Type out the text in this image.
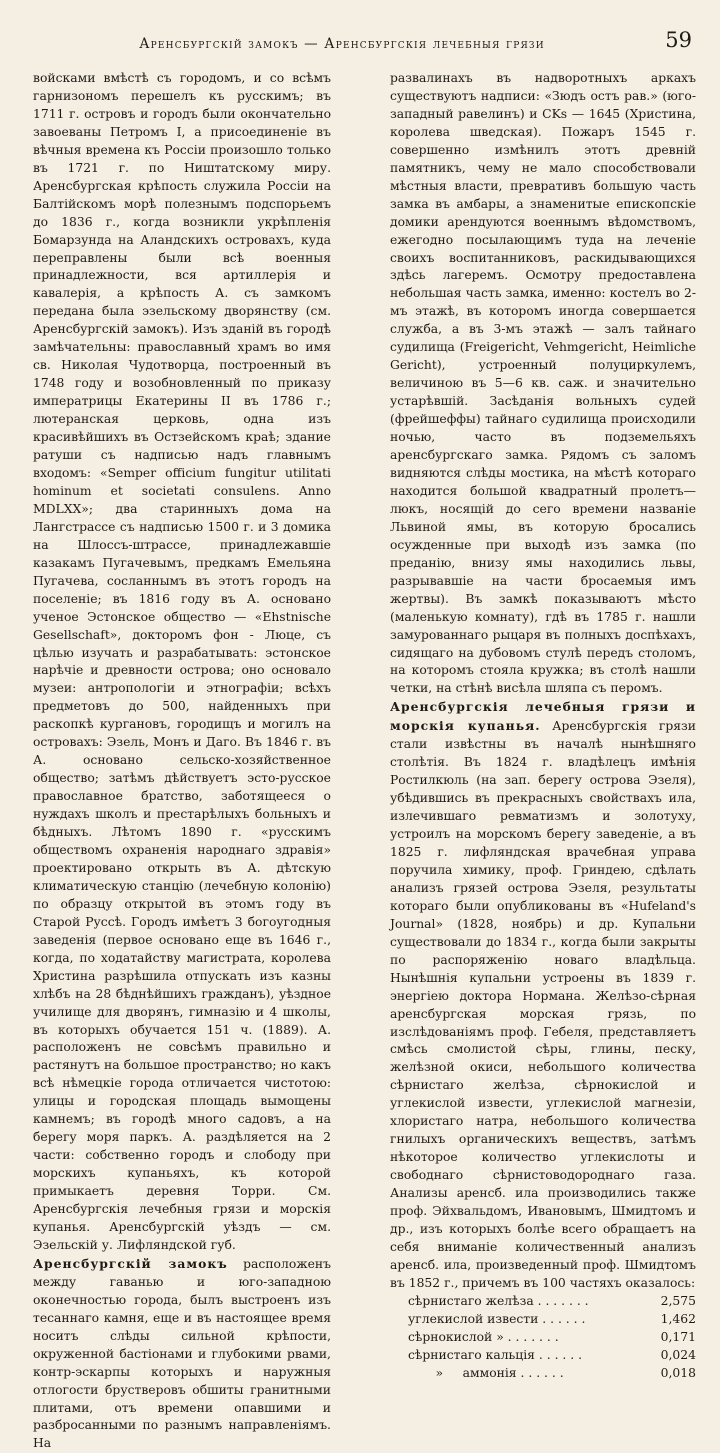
Аренсбургскій замокъ — Аренсбургскія лечебныя грязи	59

войсками вмѣстѣ съ городомъ, и со всѣмъ гарнизономъ перешелъ къ русскимъ; въ 1711 г. островъ и городъ были окончательно завоеваны Петромъ I, а присоединеніе въ вѣчныя времена къ Россіи произошло только въ 1721 г. по Ништатскому миру. Аренсбургская крѣпость служила Россіи на Балтійскомъ морѣ полезнымъ подспорьемъ до 1836 г., когда возникли укрѣпленія Бомарзунда на Аландскихъ островахъ, куда переправлены были всѣ военныя принадлежности, вся артиллерія и кавалерія, а крѣпость А. съ замкомъ передана была эзельскому дворянству (см. Аренсбургскій замокъ). Изъ зданій въ городѣ замѣчательны: православный храмъ во имя св. Николая Чудотворца, построенный въ 1748 году и возобновленный по приказу императрицы Екатерины II въ 1786 г.; лютеранская церковь, одна изъ красивѣйшихъ въ Остзейскомъ краѣ; здание ратуши съ надписью надъ главнымъ входомъ: «Semper officium fungitur utilitati hominum et societati consulens. Anno MDLXX»; два старинныхъ дома на Лангстрассе съ надписью 1500 г. и 3 домика на Шлоссъ-штрассе, принадлежавшіе казакамъ Пугачевымъ, предкамъ Емельяна Пугачева, сосланнымъ въ этотъ городъ на поселеніе; въ 1816 году въ А. основано ученое Эстонское общество — «Ehstnische Gesellschaft», докторомъ фон - Люце, съ цѣлью изучать и разрабатывать: эстонское нарѣчіе и древности острова; оно основало музеи: антропологіи и этнографіи; всѣхъ предметовъ до 500, найденныхъ при раскопкѣ кургановъ, городищъ и могилъ на островахъ: Эзель, Монъ и Даго. Въ 1846 г. въ А. основано сельско-хозяйственное общество; затѣмъ дѣйствуетъ эсто-русское православное братство, заботящееся о нуждахъ школъ и престарѣлыхъ больныхъ и бѣдныхъ. Лѣтомъ 1890 г. «русскимъ обществомъ охраненія народнаго здравія» проектировано открыть въ А. дѣтскую климатическую станцію (лечебную колонію) по образцу открытой въ этомъ году въ Старой Руссѣ. Городъ имѣетъ 3 богоугодныя заведенія (первое основано еще въ 1646 г., когда, по ходатайству магистрата, королева Христина разрѣшила отпускать изъ казны хлѣбъ на 28 бѣднѣйшихъ гражданъ), уѣздное училище для дворянъ, гимназію и 4 школы, въ которыхъ обучается 151 ч. (1889). А. расположенъ не совсѣмъ правильно и растянутъ на большое пространство; но какъ всѣ нѣмецкіе города отличается чистотою: улицы и городская площадь вымощены камнемъ; въ городѣ много садовъ, а на берегу моря паркъ. А. раздѣляется на 2 части: собственно городъ и слободу при морскихъ купаньяхъ, къ которой примыкаетъ деревня Торри. См. Аренсбургскія лечебныя грязи и морскія купанья. Аренсбургскій уѣздъ — см. Эзельскій у. Лифляндской губ.

Аренсбургскій замокъ расположенъ между гаванью и юго-западною оконечностью города, былъ выстроенъ изъ тесаннаго камня, еще и въ настоящее время носитъ слѣды сильной крѣпости, окруженной бастіонами и глубокими рвами, контр-эскарпы которыхъ и наружныя отлогости брустверовъ обшиты гранитными плитами, отъ времени опавшими и разбросанными по разнымъ направленіямъ. На

развалинахъ въ надворотныхъ аркахъ существуютъ надписи: «Зюдъ остъ рав.» (юго-западный равелинъ) и CKs — 1645 (Христина, королева шведская). Пожаръ 1545 г. совершенно измѣнилъ этотъ древній памятникъ, чему не мало способствовали мѣстныя власти, превративъ большую часть замка въ амбары, а знаменитые епископскіе домики арендуются военнымъ вѣдомствомъ, ежегодно посылающимъ туда на леченіе своихъ воспитанниковъ, раскидывающихся здѣсь лагеремъ. Осмотру предоставлена небольшая часть замка, именно: костелъ во 2-мъ этажѣ, въ которомъ иногда совершается служба, а въ 3-мъ этажѣ — залъ тайнаго судилища (Freigericht, Vehmgericht, Heimliche Gericht), устроенный полуциркулемъ, величиною въ 5—6 кв. саж. и значительно устарѣвшій. Засѣданія вольныхъ судей (фрейшеффы) тайнаго судилища происходили ночью, часто въ подземельяхъ аренсбургскаго замка. Рядомъ съ заломъ видняются слѣды мостика, на мѣстѣ котораго находится большой квадратный пролетъ—люкъ, носящій до сего времени названіе Львиной ямы, въ которую бросались осужденные при выходѣ изъ замка (по преданію, внизу ямы находились львы, разрывавшіе на части бросаемыя имъ жертвы). Въ замкѣ показываютъ мѣсто (маленькую комнату), гдѣ въ 1785 г. нашли замурованнаго рыцаря въ полныхъ доспѣхахъ, сидящаго на дубовомъ стулѣ передъ столомъ, на которомъ стояла кружка; въ столѣ нашли четки, на стѣнѣ висѣла шляпа съ перомъ.

Аренсбургскія лечебныя грязи и морскія купанья. Аренсбургскія грязи стали извѣстны въ началѣ нынѣшняго столѣтія. Въ 1824 г. владѣлецъ имѣнія Ростилкюль (на зап. берегу острова Эзеля), убѣдившись въ прекрасныхъ свойствахъ ила, излечившаго ревматизмъ и золотуху, устроилъ на морскомъ берегу заведеніе, а въ 1825 г. лифляндская врачебная управа поручила химику, проф. Гриндею, сдѣлать анализъ грязей острова Эзеля, результаты котораго были опубликованы въ «Hufeland's Journal» (1828, ноябрь) и др. Купальни существовали до 1834 г., когда были закрыты по распоряженію новаго владѣльца. Нынѣшнія купальни устроены въ 1839 г. энергіею доктора Нормана. Желѣзо-сѣрная аренсбургская морская грязь, по изслѣдованіямъ проф. Гебеля, представляетъ смѣсь смолистой сѣры, глины, песку, желѣзной окиси, небольшого количества сѣрнистаго желѣза, сѣрнокислой и углекислой извести, углекислой магнезіи, хлористаго натра, небольшого количества гнилыхъ органическихъ веществъ, затѣмъ нѣкоторое количество углекислоты и свободнаго сѣрнистоводороднаго газа. Анализы аренсб. ила производились также проф. Эйхвальдомъ, Ивановымъ, Шмидтомъ и др., изъ которыхъ болѣе всего обращаетъ на себя вниманіе количественный анализъ аренсб. ила, произведенный проф. Шмидтомъ въ 1852 г., причемъ въ 100 частяхъ оказалось:

сѣрнистаго желѣза . . . . . . .	2,575
углекислой извести . . . . . .	1,462
сѣрнокислой » . . . . . . .	0,171
сѣрнистаго кальція . . . . . .	0,024
»     аммонія . . . . . .	0,018
